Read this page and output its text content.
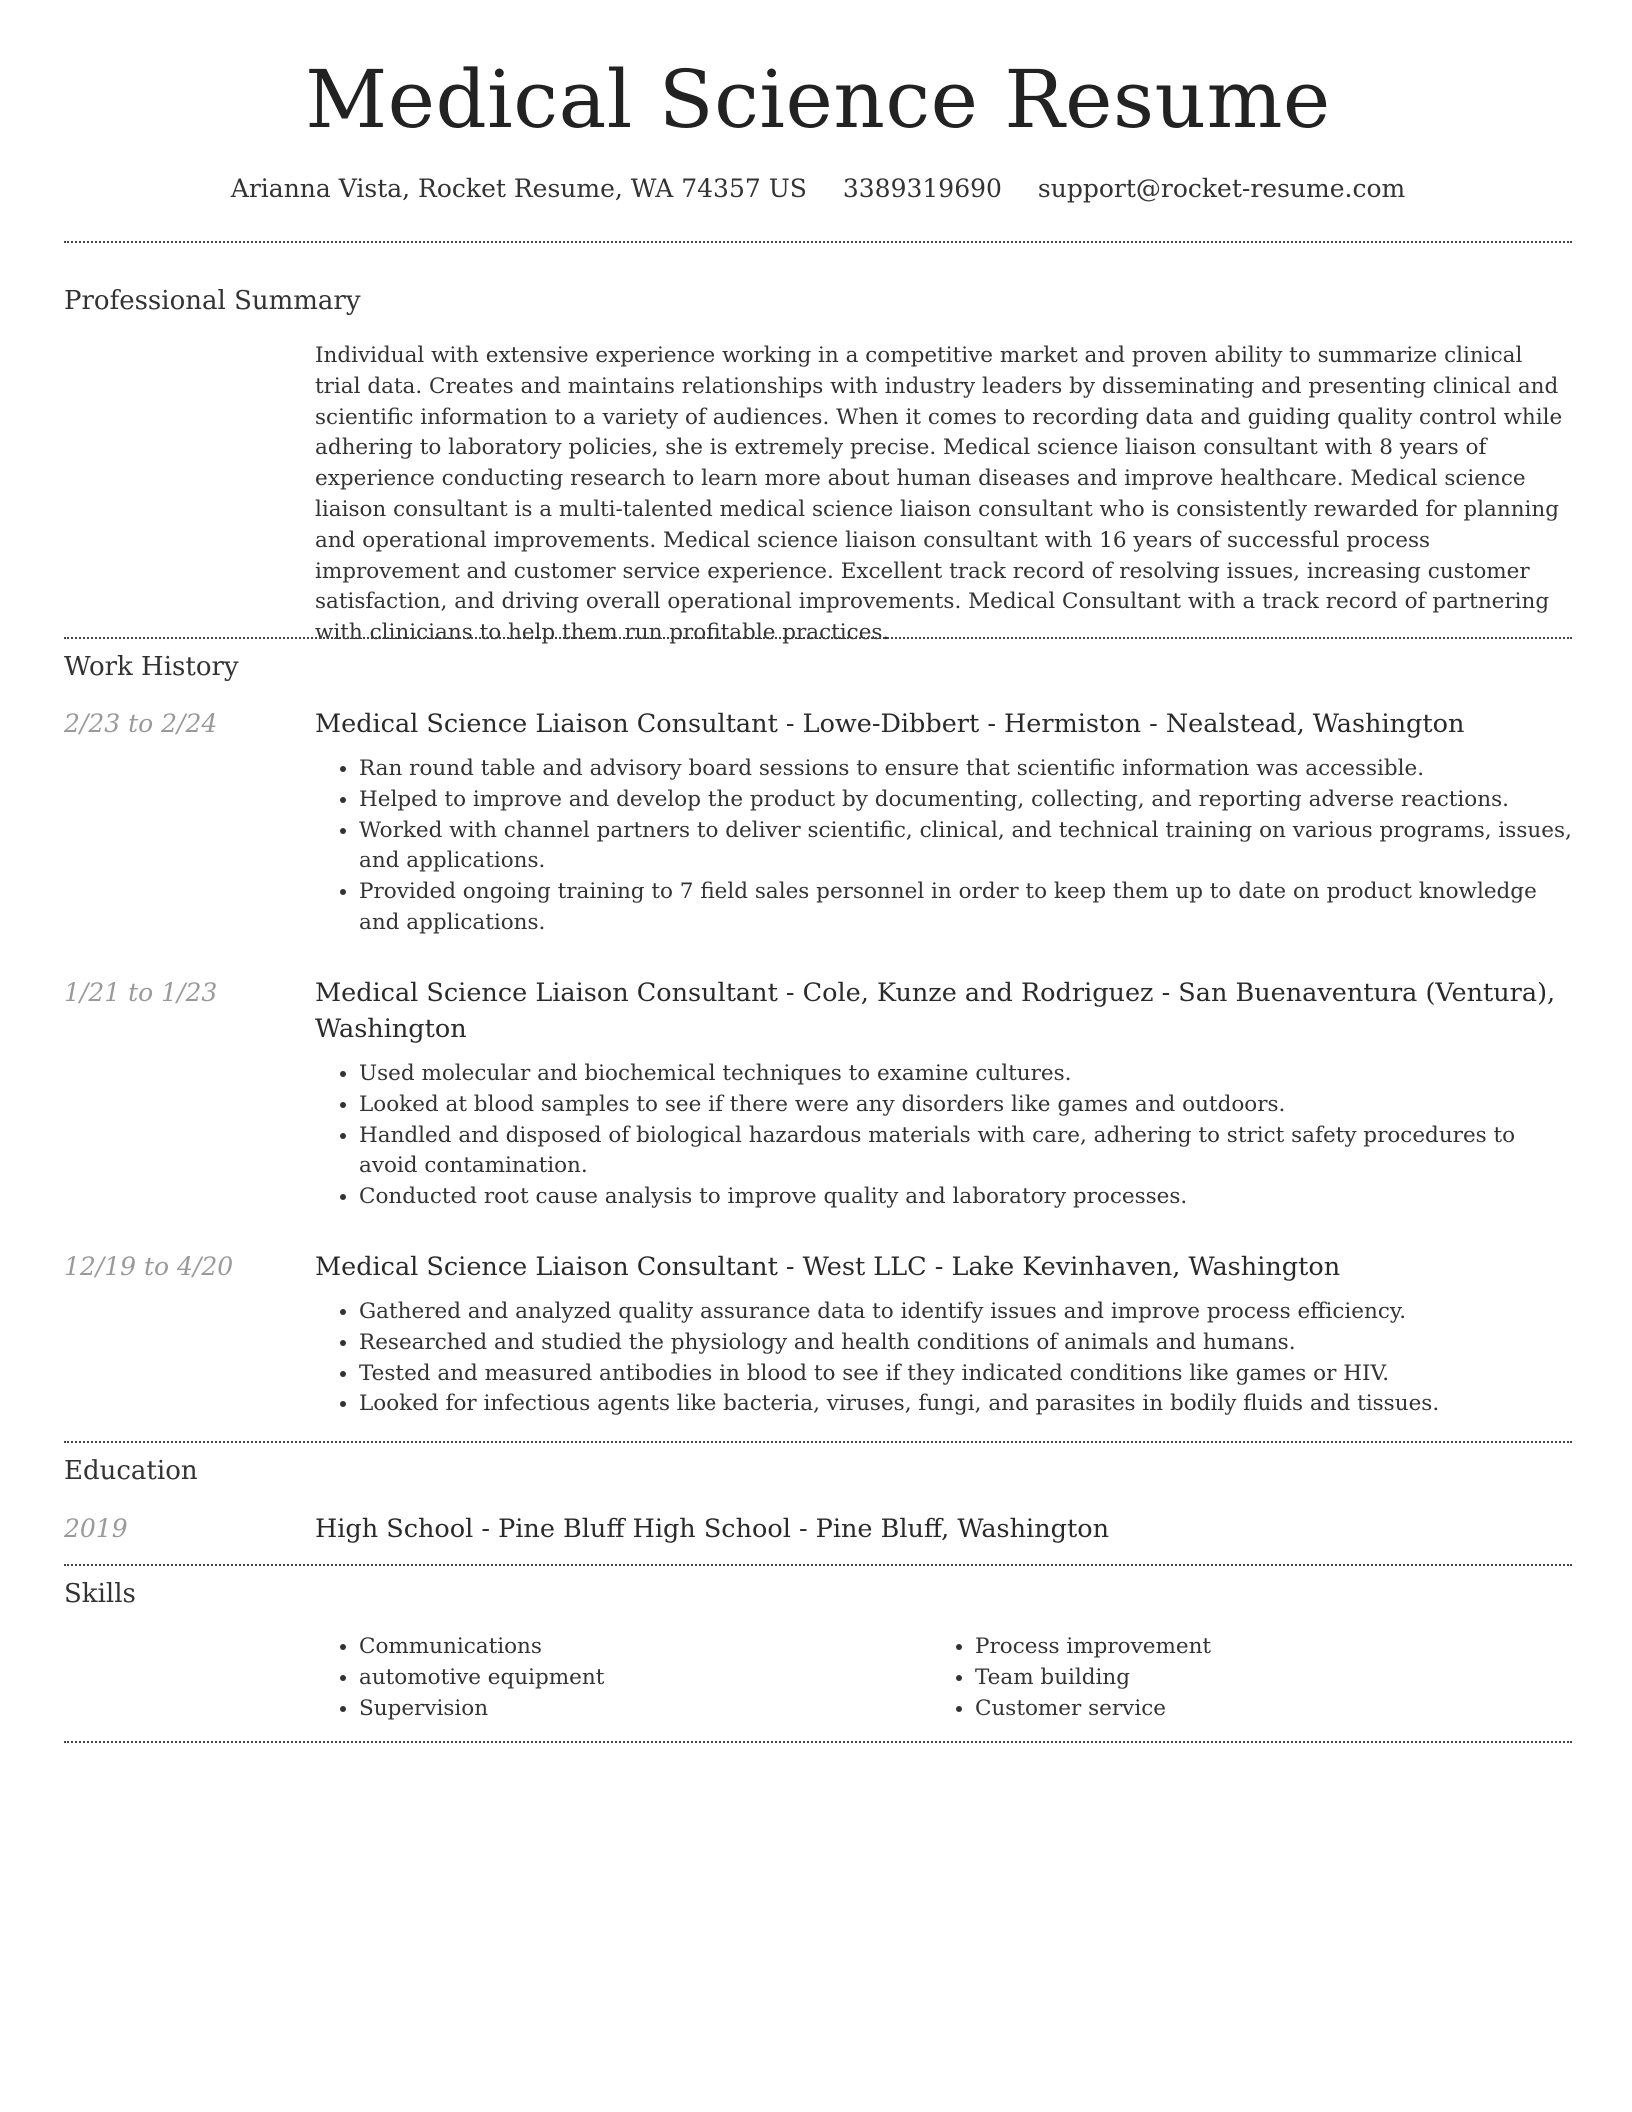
Medical Science Resume
Arianna Vista, Rocket Resume, WA 74357 US 3389319690 support@rocket-resume.com
Professional Summary

Individual with extensive experience working in a competitive market and proven ability to summarize clinical trial data. Creates and maintains relationships with industry leaders by disseminating and presenting clinical and scientific information to a variety of audiences. When it comes to recording data and guiding quality control while adhering to laboratory policies, she is extremely precise. Medical science liaison consultant with 8 years of experience conducting research to learn more about human diseases and improve healthcare. Medical science liaison consultant is a multi-talented medical science liaison consultant who is consistently rewarded for planning and operational improvements. Medical science liaison consultant with 16 years of successful process improvement and customer service experience. Excellent track record of resolving issues, increasing customer satisfaction, and driving overall operational improvements. Medical Consultant with a track record of partnering with clinicians to help them run profitable practices.

Work History
2/23 to 2/24	Medical Science Liaison Consultant - Lowe-Dibbert - Hermiston - Nealstead, Washington

• Ran round table and advisory board sessions to ensure that scientific information was accessible.
• Helped to improve and develop the product by documenting, collecting, and reporting adverse reactions.
• Worked with channel partners to deliver scientific, clinical, and technical training on various programs, issues, and applications.
• Provided ongoing training to 7 field sales personnel in order to keep them up to date on product knowledge and applications.
1/21 to 1/23	Medical Science Liaison Consultant - Cole, Kunze and Rodriguez - San Buenaventura (Ventura), Washington

• Used molecular and biochemical techniques to examine cultures.
• Looked at blood samples to see if there were any disorders like games and outdoors.
• Handled and disposed of biological hazardous materials with care, adhering to strict safety procedures to avoid contamination.
• Conducted root cause analysis to improve quality and laboratory processes.
12/19 to 4/20	Medical Science Liaison Consultant - West LLC - Lake Kevinhaven, Washington

• Gathered and analyzed quality assurance data to identify issues and improve process efficiency.
• Researched and studied the physiology and health conditions of animals and humans.
• Tested and measured antibodies in blood to see if they indicated conditions like games or HIV.
• Looked for infectious agents like bacteria, viruses, fungi, and parasites in bodily fluids and tissues.
Education
2019	High School - Pine Bluff High School - Pine Bluff, Washington

Skills
• Communications
• automotive equipment
• Supervision
• Process improvement
• Team building
• Customer service
